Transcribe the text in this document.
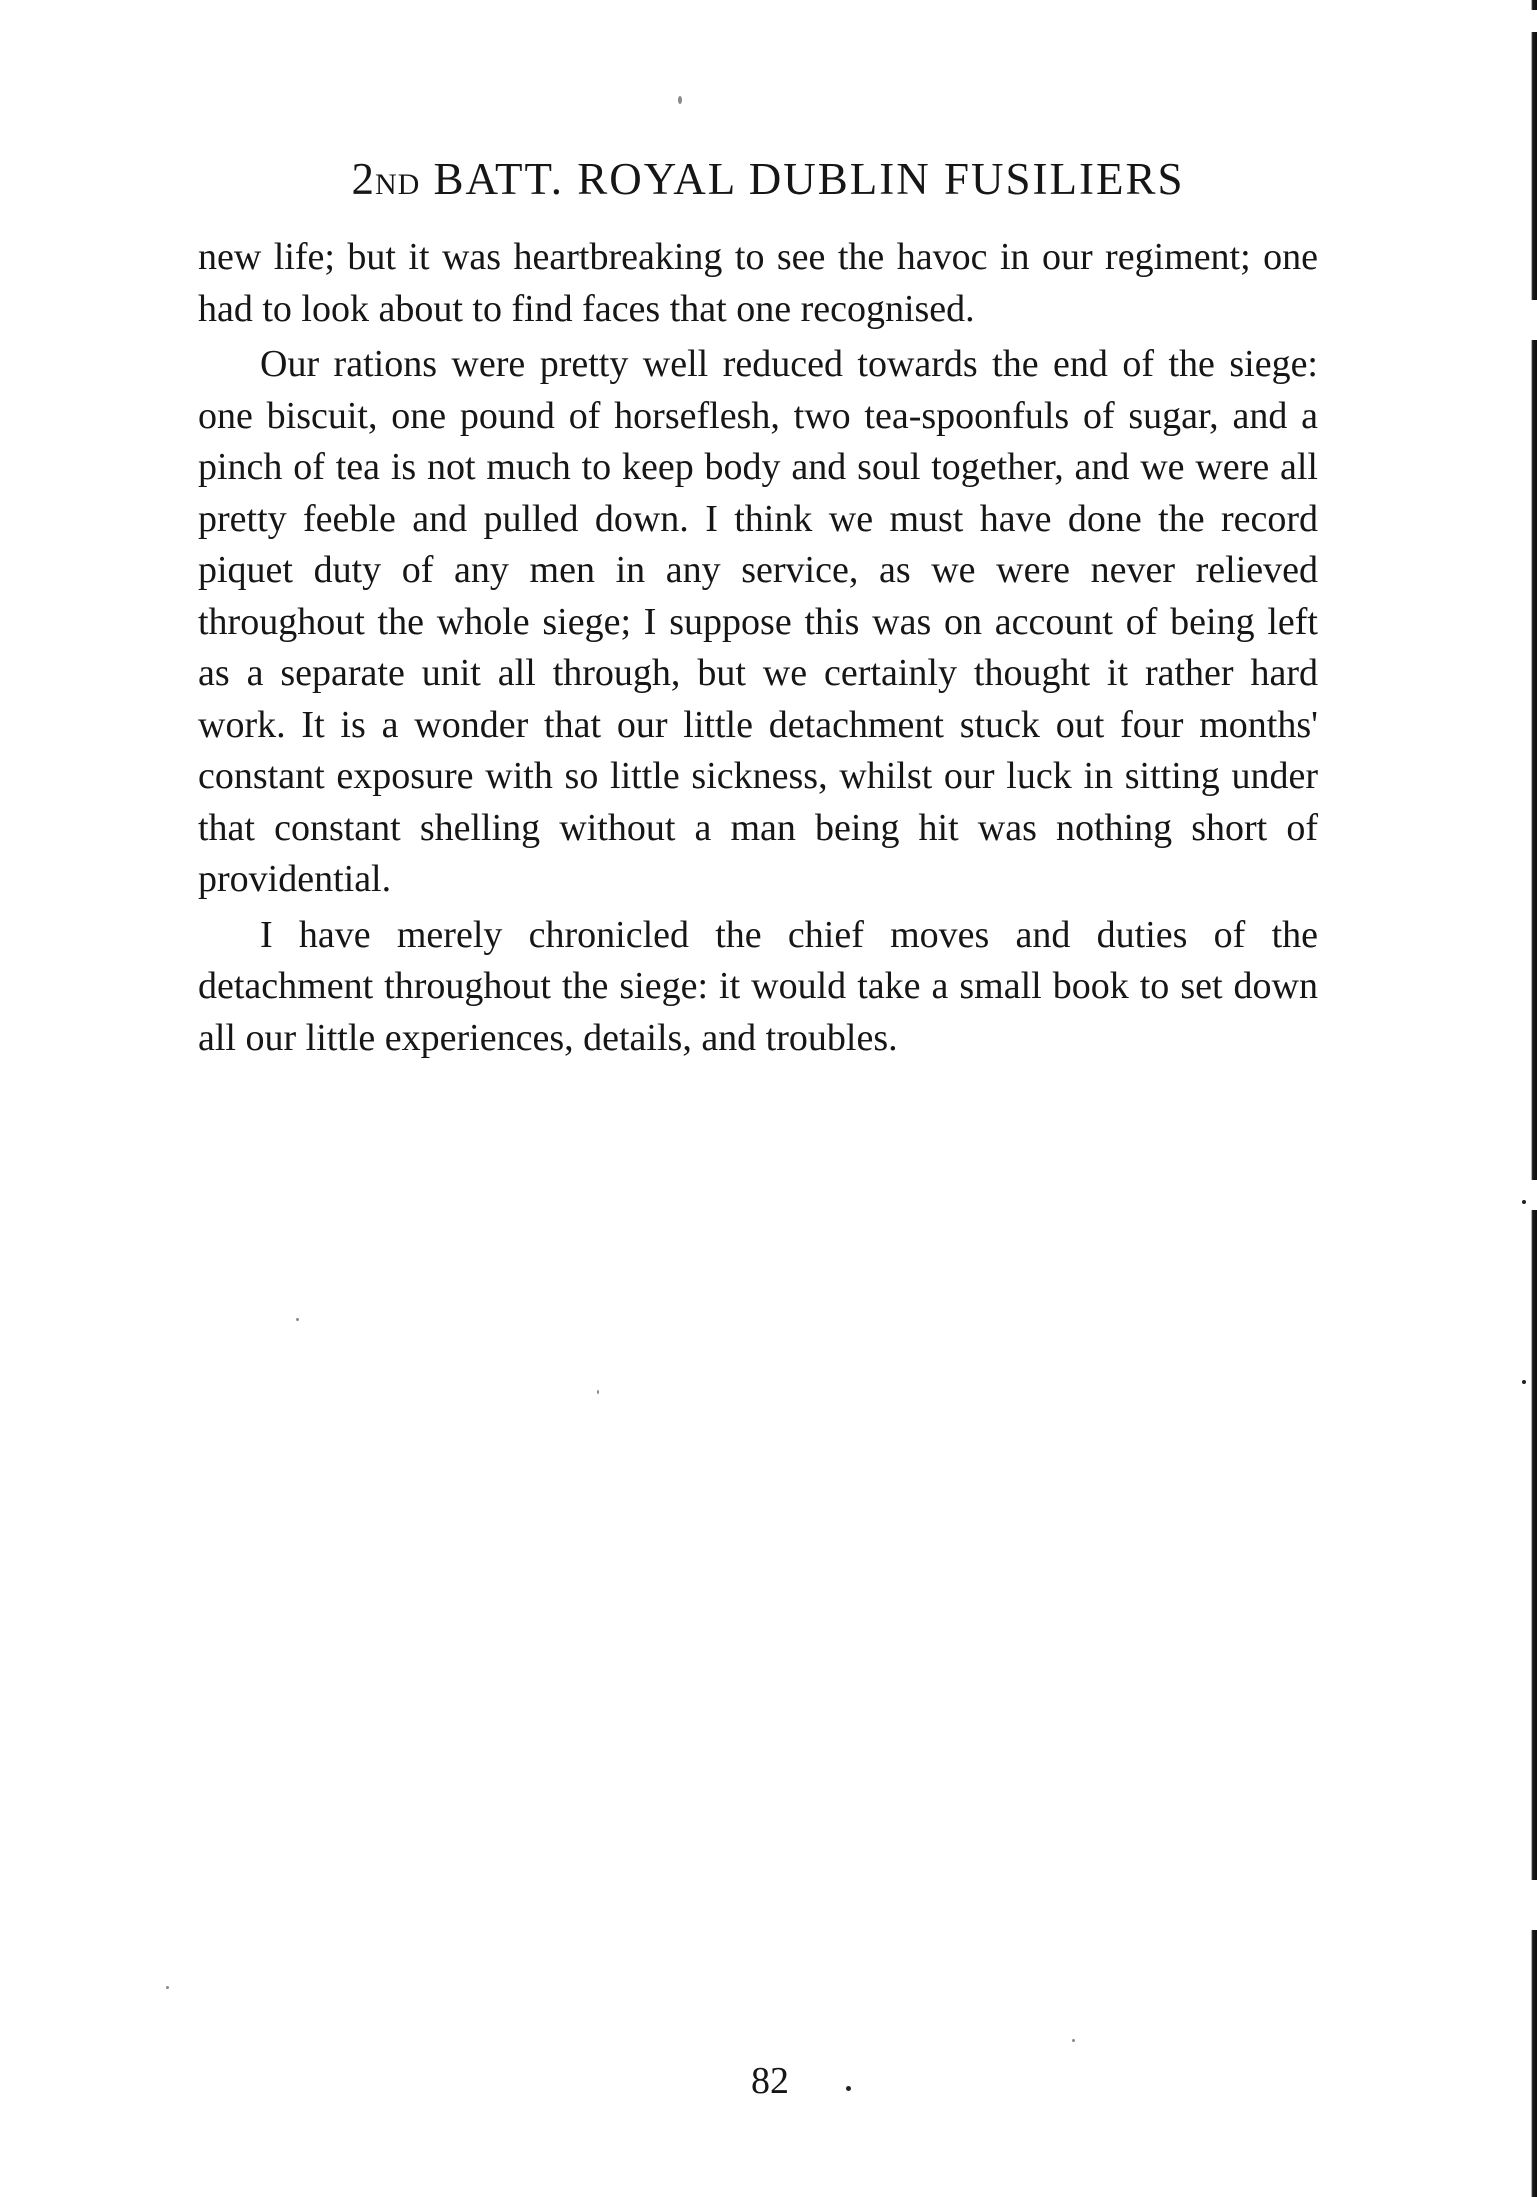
2ND BATT. ROYAL DUBLIN FUSILIERS

new life; but it was heartbreaking to see the havoc in our regiment; one had to look about to find faces that one recognised.

Our rations were pretty well reduced towards the end of the siege: one biscuit, one pound of horseflesh, two tea-spoonfuls of sugar, and a pinch of tea is not much to keep body and soul together, and we were all pretty feeble and pulled down. I think we must have done the record piquet duty of any men in any service, as we were never relieved throughout the whole siege; I suppose this was on account of being left as a separate unit all through, but we certainly thought it rather hard work. It is a wonder that our little detachment stuck out four months' constant exposure with so little sickness, whilst our luck in sitting under that constant shelling without a man being hit was nothing short of providential.

I have merely chronicled the chief moves and duties of the detachment throughout the siege: it would take a small book to set down all our little experiences, details, and troubles.

82
